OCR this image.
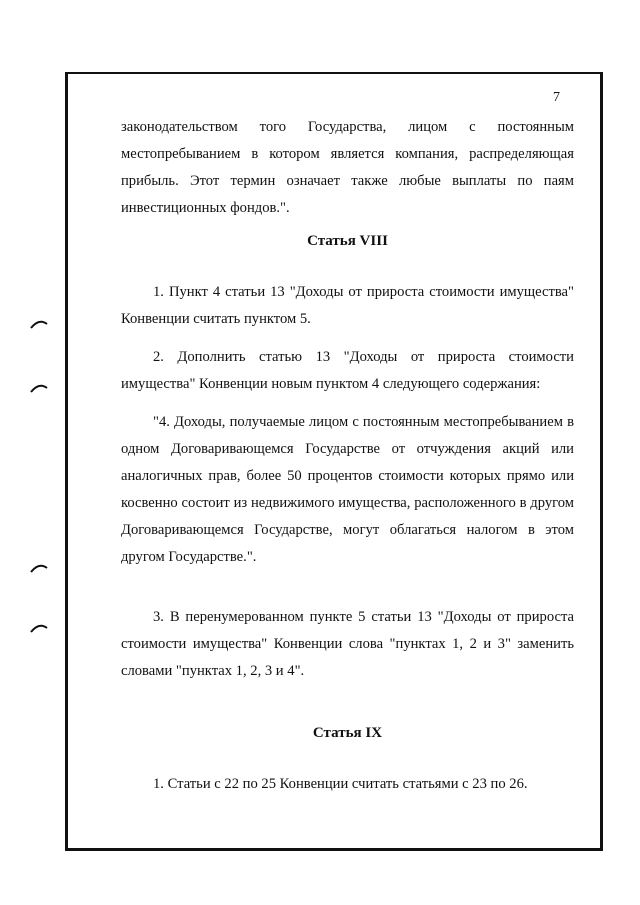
7
законодательством того Государства, лицом с постоянным местопребыванием в котором является компания, распределяющая прибыль. Этот термин означает также любые выплаты по паям инвестиционных фондов.".
Статья VIII
1. Пункт 4 статьи 13 "Доходы от прироста стоимости имущества" Конвенции считать пунктом 5.
2. Дополнить статью 13 "Доходы от прироста стоимости имущества" Конвенции новым пунктом 4 следующего содержания:
"4. Доходы, получаемые лицом с постоянным местопребыванием в одном Договаривающемся Государстве от отчуждения акций или аналогичных прав, более 50 процентов стоимости которых прямо или косвенно состоит из недвижимого имущества, расположенного в другом Договаривающемся Государстве, могут облагаться налогом в этом другом Государстве.".
3. В перенумерованном пункте 5 статьи 13 "Доходы от прироста стоимости имущества" Конвенции слова "пунктах 1, 2 и 3" заменить словами "пунктах 1, 2, 3 и 4".
Статья IX
1. Статьи с 22 по 25 Конвенции считать статьями с 23 по 26.
